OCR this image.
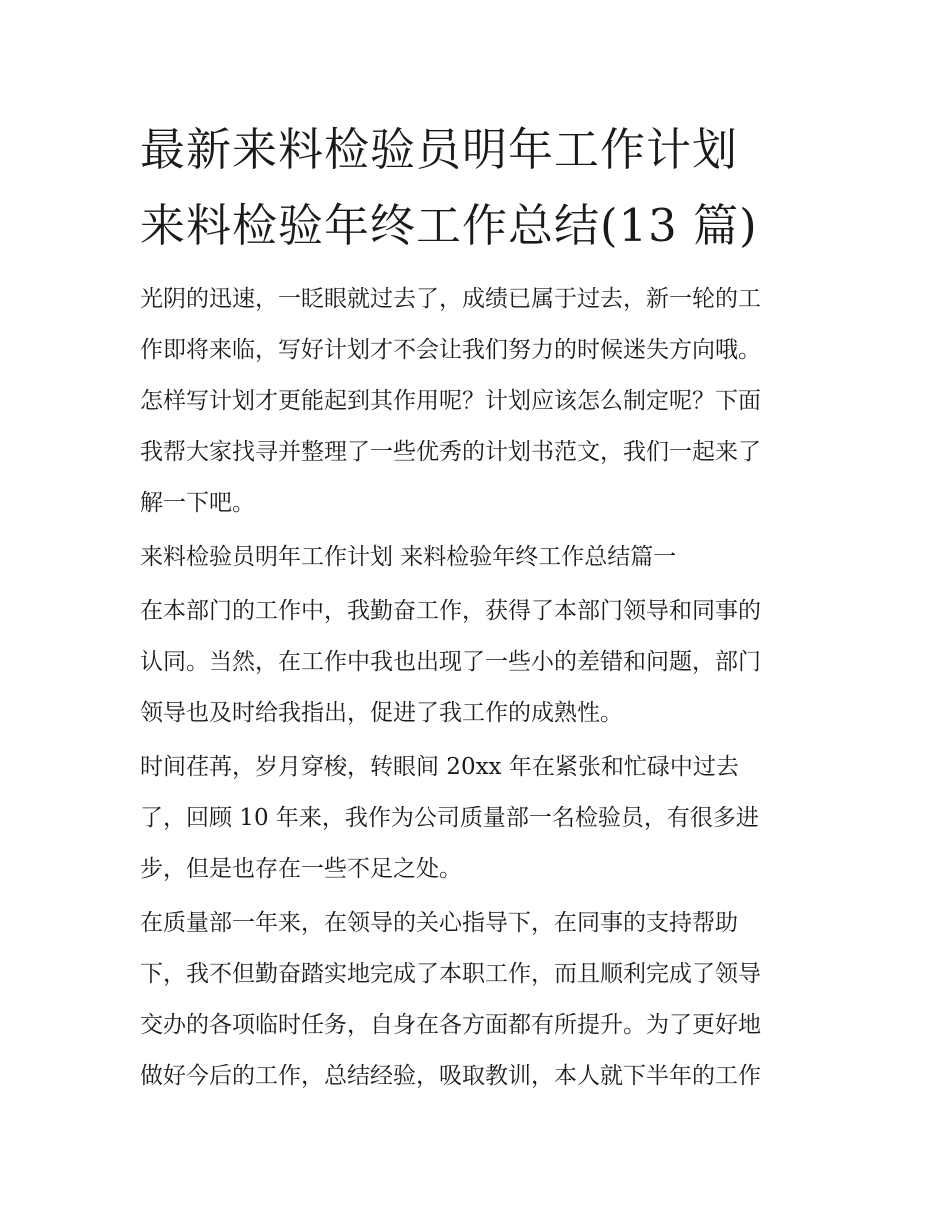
最新来料检验员明年工作计划
来料检验年终工作总结(13 篇)

光阴的迅速，一眨眼就过去了，成绩已属于过去，新一轮的工
作即将来临，写好计划才不会让我们努力的时候迷失方向哦。
怎样写计划才更能起到其作用呢？计划应该怎么制定呢？下面
我帮大家找寻并整理了一些优秀的计划书范文，我们一起来了
解一下吧。

来料检验员明年工作计划 来料检验年终工作总结篇一

在本部门的工作中，我勤奋工作，获得了本部门领导和同事的
认同。当然，在工作中我也出现了一些小的差错和问题，部门
领导也及时给我指出，促进了我工作的成熟性。

时间荏苒，岁月穿梭，转眼间 20xx 年在紧张和忙碌中过去
了，回顾 10 年来，我作为公司质量部一名检验员，有很多进
步，但是也存在一些不足之处。

在质量部一年来，在领导的关心指导下，在同事的支持帮助
下，我不但勤奋踏实地完成了本职工作，而且顺利完成了领导
交办的各项临时任务，自身在各方面都有所提升。为了更好地
做好今后的工作，总结经验，吸取教训，本人就下半年的工作
